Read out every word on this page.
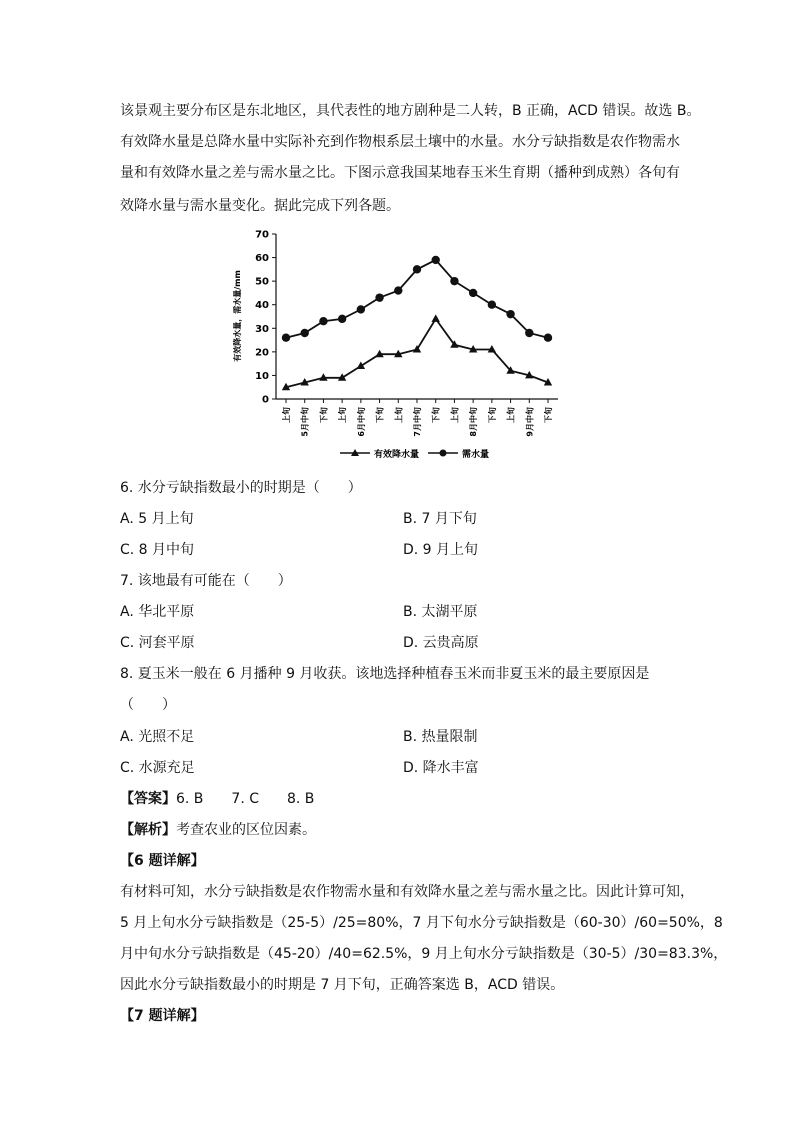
该景观主要分布区是东北地区，具代表性的地方剧种是二人转，B 正确，ACD 错误。故选 B。
有效降水量是总降水量中实际补充到作物根系层土壤中的水量。水分亏缺指数是农作物需水
量和有效降水量之差与需水量之比。下图示意我国某地春玉米生育期（播种到成熟）各旬有
效降水量与需水量变化。据此完成下列各题。
有效降水量，需水量/mm
0
10
20
30
40
50
60
70
上旬 5月中旬 下旬 上旬 6月中旬 下旬 上旬 7月中旬 下旬 上旬 8月中旬 下旬 上旬 9月中旬 下旬
有效降水量	需水量
6. 水分亏缺指数最小的时期是（　　）
A. 5 月上旬	B. 7 月下旬
C. 8 月中旬	D. 9 月上旬
7. 该地最有可能在（　　）
A. 华北平原	B. 太湖平原
C. 河套平原	D. 云贵高原
8. 夏玉米一般在 6 月播种 9 月收获。该地选择种植春玉米而非夏玉米的最主要原因是
（　　）
A. 光照不足	B. 热量限制
C. 水源充足	D. 降水丰富
【答案】6. B　　7. C　　8. B
【解析】考查农业的区位因素。
【6 题详解】
有材料可知，水分亏缺指数是农作物需水量和有效降水量之差与需水量之比。因此计算可知，
5 月上旬水分亏缺指数是（25-5）/25=80%，7 月下旬水分亏缺指数是（60-30）/60=50%，8
月中旬水分亏缺指数是（45-20）/40=62.5%，9 月上旬水分亏缺指数是（30-5）/30=83.3%，
因此水分亏缺指数最小的时期是 7 月下旬，正确答案选 B，ACD 错误。
【7 题详解】
